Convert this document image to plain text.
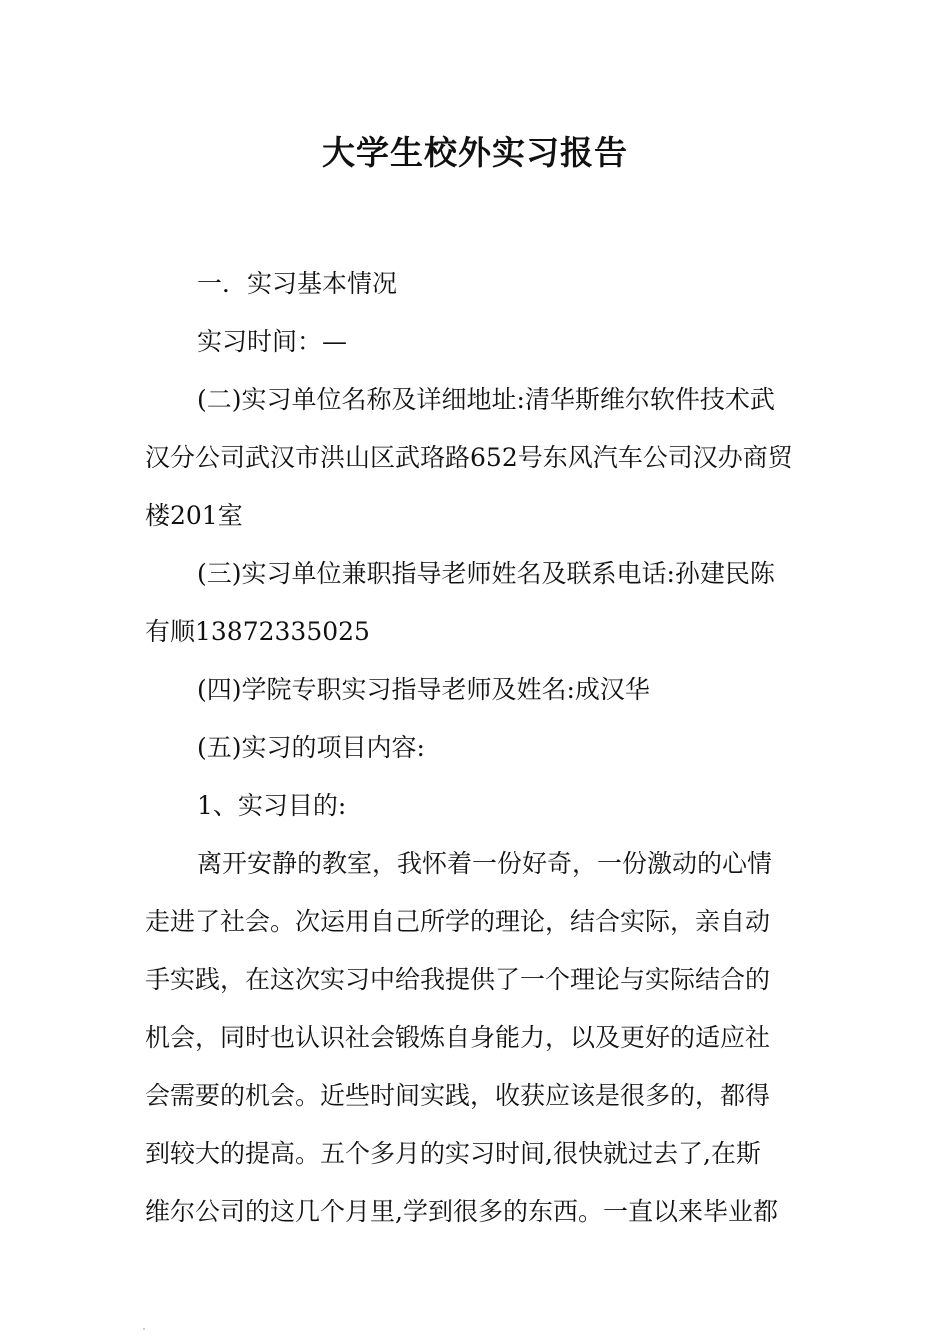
大学生校外实习报告
一．实习基本情况
实习时间：—
(二)实习单位名称及详细地址:清华斯维尔软件技术武
汉分公司武汉市洪山区武珞路652号东风汽车公司汉办商贸
楼201室
(三)实习单位兼职指导老师姓名及联系电话:孙建民陈
有顺13872335025
(四)学院专职实习指导老师及姓名:成汉华
(五)实习的项目内容:
1、实习目的:
离开安静的教室，我怀着一份好奇，一份激动的心情
走进了社会。次运用自己所学的理论，结合实际，亲自动
手实践，在这次实习中给我提供了一个理论与实际结合的
机会，同时也认识社会锻炼自身能力，以及更好的适应社
会需要的机会。近些时间实践，收获应该是很多的，都得
到较大的提高。五个多月的实习时间,很快就过去了,在斯
维尔公司的这几个月里,学到很多的东西。一直以来毕业都
